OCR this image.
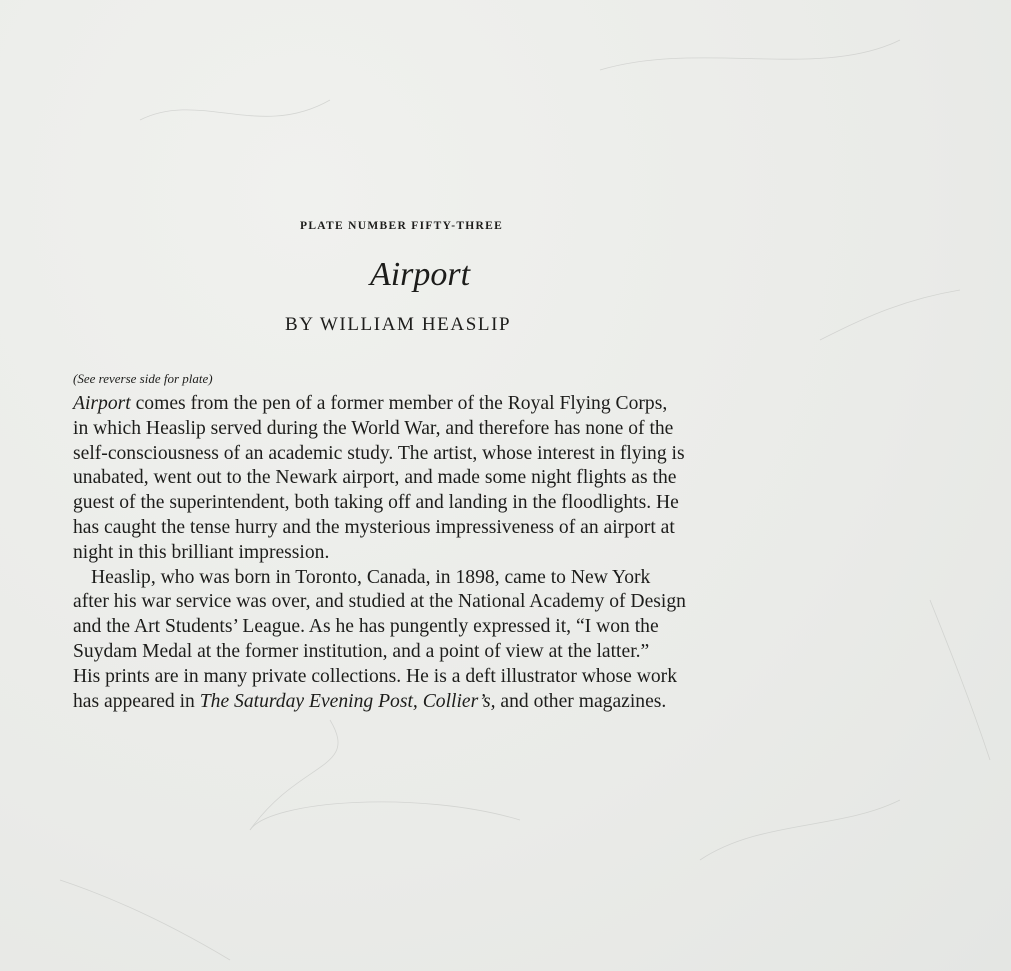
PLATE NUMBER FIFTY-THREE
Airport
BY WILLIAM HEASLIP
(See reverse side for plate)
Airport comes from the pen of a former member of the Royal Flying Corps,
in which Heaslip served during the World War, and therefore has none of the
self-consciousness of an academic study. The artist, whose interest in flying is
unabated, went out to the Newark airport, and made some night flights as the
guest of the superintendent, both taking off and landing in the floodlights. He
has caught the tense hurry and the mysterious impressiveness of an airport at
night in this brilliant impression.
Heaslip, who was born in Toronto, Canada, in 1898, came to New York
after his war service was over, and studied at the National Academy of Design
and the Art Students’ League. As he has pungently expressed it, “I won the
Suydam Medal at the former institution, and a point of view at the latter.”
His prints are in many private collections. He is a deft illustrator whose work
has appeared in The Saturday Evening Post, Collier’s, and other magazines.
